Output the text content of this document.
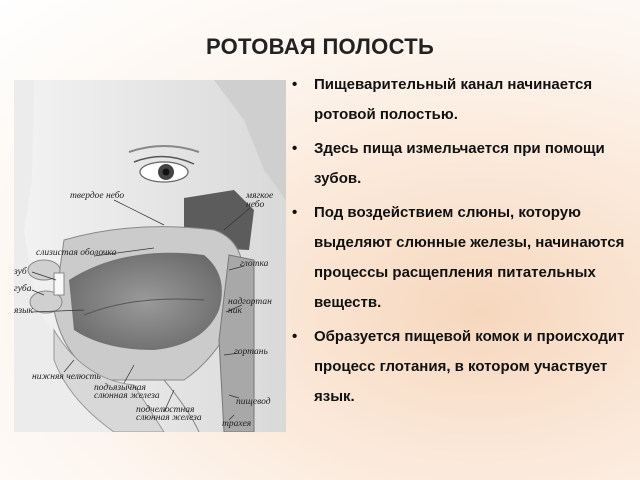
РОТОВАЯ ПОЛОСТЬ
твердое небо	мягкое
небо
слизистая оболочка
глотка
зуб
губа
язык
надгортан
ник
гортань
нижняя челюсть
подъязычная
слюнная железа
пищевод
подчелюстная
слюнная железа
трахея
• Пищеварительный канал начинается ротовой полостью.
• Здесь пища измельчается при помощи зубов.
• Под воздействием слюны, которую выделяют слюнные железы, начинаются процессы расщепления питательных веществ.
• Образуется пищевой комок и происходит процесс глотания, в котором участвует язык.
